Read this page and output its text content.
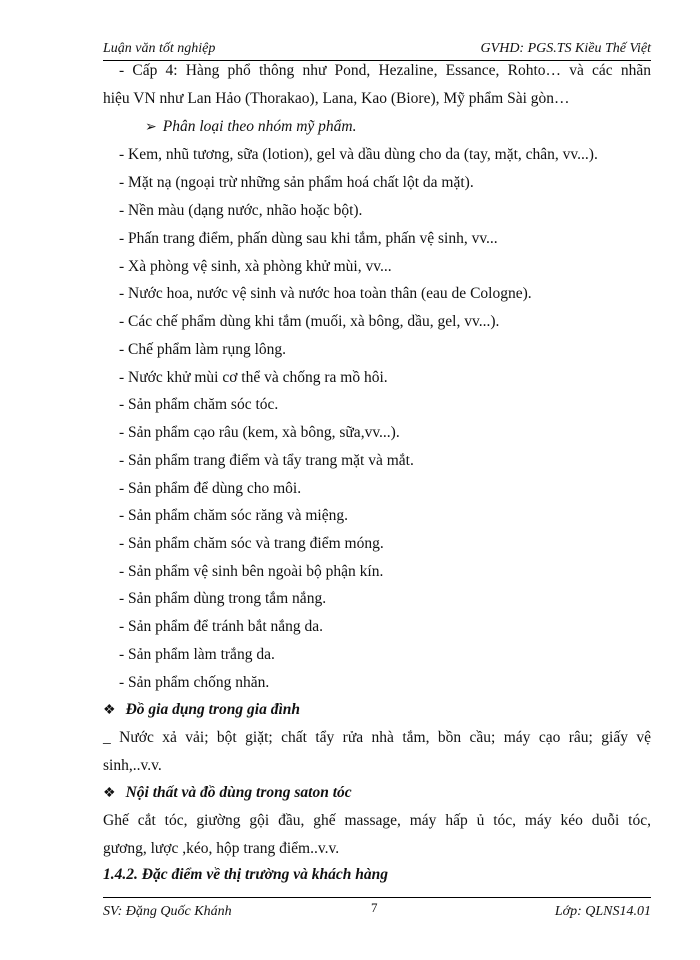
Luận văn tốt nghiệp	GVHD: PGS.TS Kiều Thế Việt
- Cấp 4: Hàng phổ thông như Pond, Hezaline, Essance, Rohto… và các nhãn
hiệu VN như Lan Hảo (Thorakao), Lana, Kao (Biore), Mỹ phẩm Sài gòn…
➢ Phân loại theo nhóm mỹ phẩm.
- Kem, nhũ tương, sữa (lotion), gel và dầu dùng cho da (tay, mặt, chân, vv...).
- Mặt nạ (ngoại trừ những sản phẩm hoá chất lột da mặt).
- Nền màu (dạng nước, nhão hoặc bột).
- Phấn trang điểm, phấn dùng sau khi tắm, phấn vệ sinh, vv...
- Xà phòng vệ sinh, xà phòng khử mùi, vv...
- Nước hoa, nước vệ sinh và nước hoa toàn thân (eau de Cologne).
- Các chế phẩm dùng khi tắm (muối, xà bông, dầu, gel, vv...).
- Chế phẩm làm rụng lông.
- Nước khử mùi cơ thể và chống ra mồ hôi.
- Sản phẩm chăm sóc tóc.
- Sản phẩm cạo râu (kem, xà bông, sữa,vv...).
- Sản phẩm trang điểm và tẩy trang mặt và mắt.
- Sản phẩm để dùng cho môi.
- Sản phẩm chăm sóc răng và miệng.
- Sản phẩm chăm sóc và trang điểm móng.
- Sản phẩm vệ sinh bên ngoài bộ phận kín.
- Sản phẩm dùng trong tắm nắng.
- Sản phẩm để tránh bắt nắng da.
- Sản phẩm làm trắng da.
- Sản phẩm chống nhăn.
❖ Đồ gia dụng trong gia đình
_ Nước xả vải; bột giặt; chất tẩy rửa nhà tắm, bồn cầu; máy cạo râu; giấy vệ
sinh,..v.v.
❖ Nội thất và đồ dùng trong saton tóc
Ghế cắt tóc, giường gội đầu, ghế massage, máy hấp ủ tóc, máy kéo duỗi tóc,
gương, lược ,kéo, hộp trang điểm..v.v.
1.4.2. Đặc điểm về thị trường và khách hàng
SV: Đặng Quốc Khánh	7	Lớp: QLNS14.01
